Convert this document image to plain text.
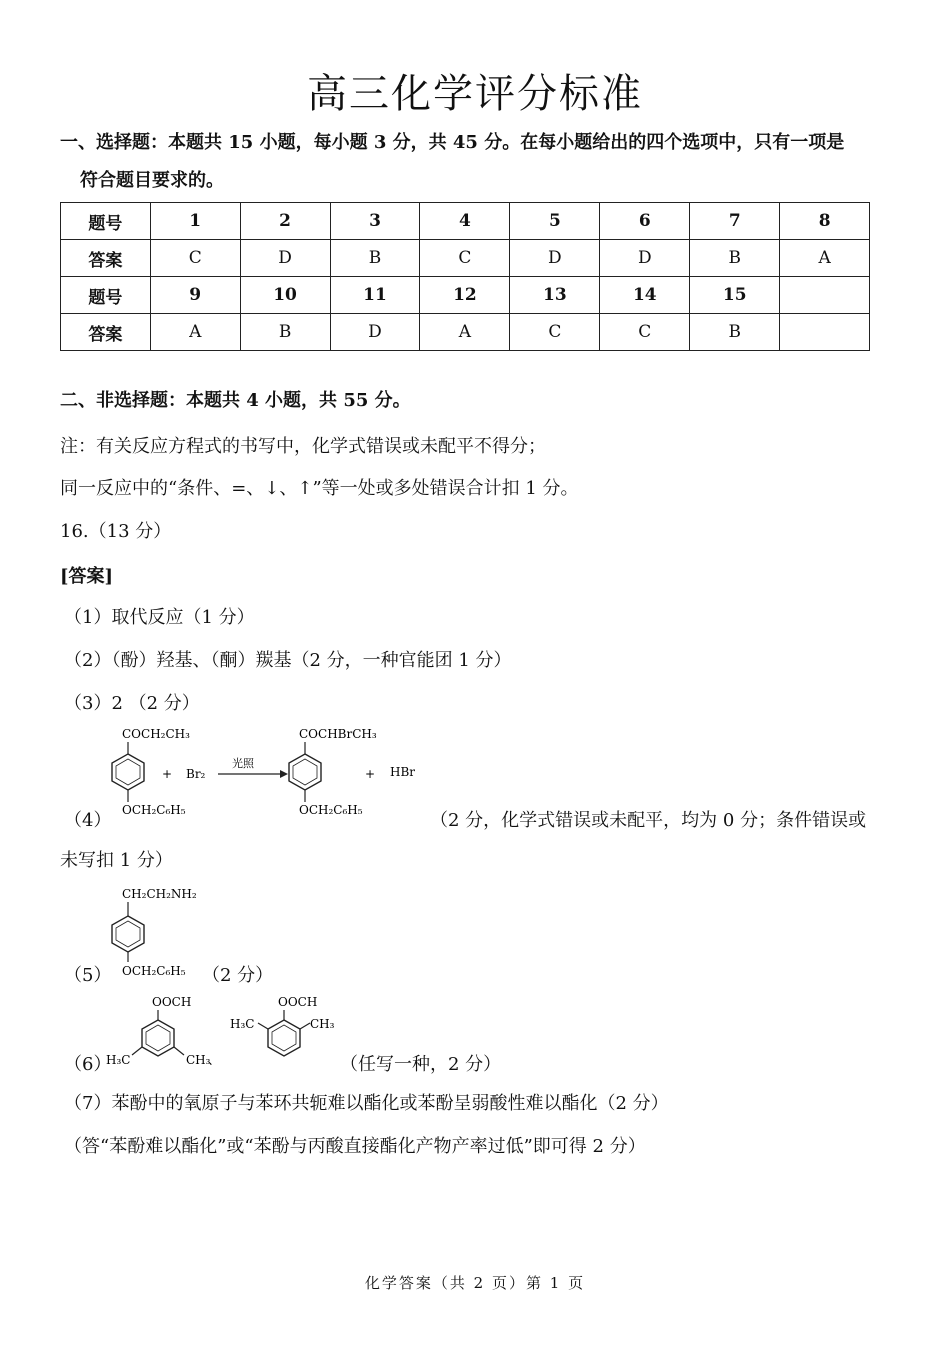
高三化学评分标准
一、选择题：本题共 15 小题，每小题 3 分，共 45 分。在每小题给出的四个选项中，只有一项是
符合题目要求的。
题号	1	2	3	4	5	6	7	8
答案	C	D	B	C	D	D	B	A
题号	9	10	11	12	13	14	15	
答案	A	B	D	A	C	C	B	
二、非选择题：本题共 4 小题，共 55 分。
注：有关反应方程式的书写中，化学式错误或未配平不得分；
同一反应中的“条件、=、↓、↑”等一处或多处错误合计扣 1 分。
16.（13 分）
[答案]
（1）取代反应（1 分）
（2）（酚）羟基、（酮）羰基（2 分，一种官能团 1 分）
（3）2 （2 分）
（4）
COCH₂CH₃
OCH₂C₆H₅
+ Br₂
光照
COCHBrCH₃
OCH₂C₆H₅
+ HBr
（2 分，化学式错误或未配平，均为 0 分；条件错误或
未写扣 1 分）
CH₂CH₂NH₂
OCH₂C₆H₅
（5）	（2 分）
（6）
OOCH
H₃C	CH₃
、
OOCH
H₃C	CH₃
（任写一种，2 分）
（7）苯酚中的氧原子与苯环共轭难以酯化或苯酚呈弱酸性难以酯化（2 分）
（答“苯酚难以酯化”或“苯酚与丙酸直接酯化产物产率过低”即可得 2 分）
化学答案（共 2 页）第 1 页
